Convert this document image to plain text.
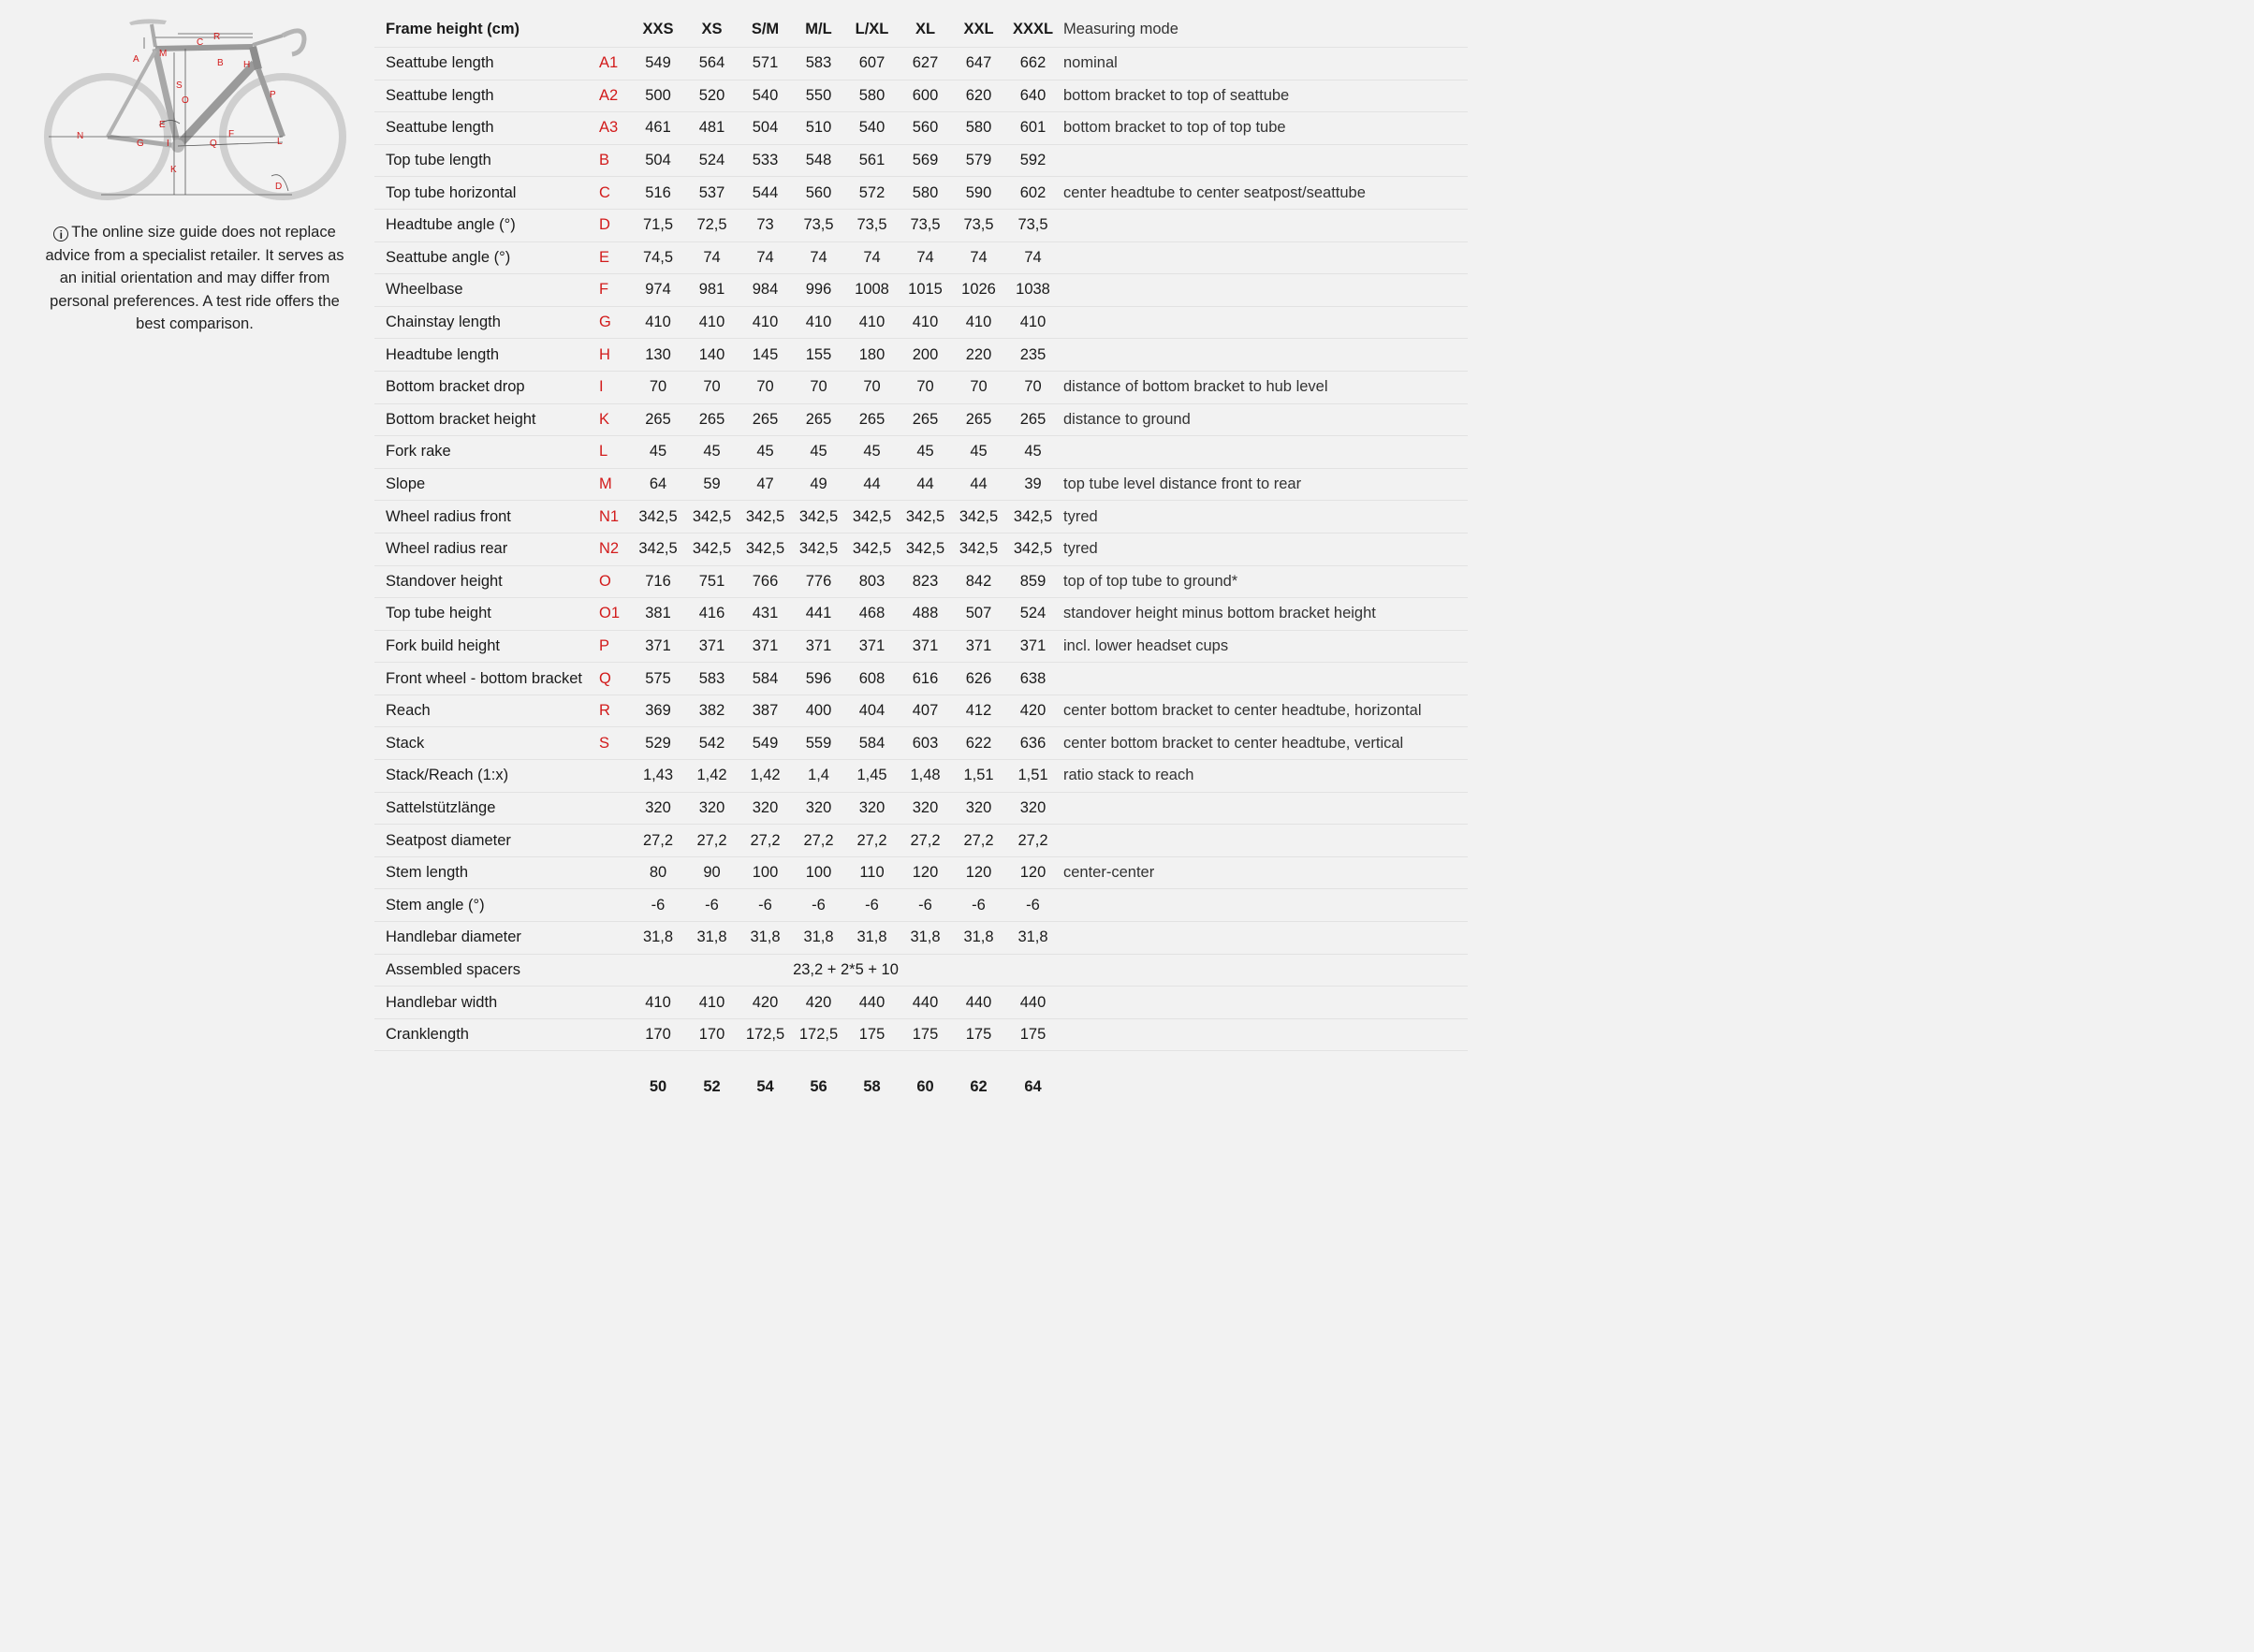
A
M
C
R
B H
S
O
P
N
G
E
I
F
Q	L
K
D
i The online size guide does not replace advice from a specialist retailer. It serves as an initial orientation and may differ from personal preferences. A test ride offers the best comparison.
Frame height (cm)		XXS	XS	S/M	M/L	L/XL	XL	XXL	XXXL	Measuring mode
Seattube length	A1	549	564	571	583	607	627	647	662	nominal
Seattube length	A2	500	520	540	550	580	600	620	640	bottom bracket to top of seattube
Seattube length	A3	461	481	504	510	540	560	580	601	bottom bracket to top of top tube
Top tube length	B	504	524	533	548	561	569	579	592	
Top tube horizontal	C	516	537	544	560	572	580	590	602	center headtube to center seatpost/seattube
Headtube angle (°)	D	71,5	72,5	73	73,5	73,5	73,5	73,5	73,5	
Seattube angle (°)	E	74,5	74	74	74	74	74	74	74	
Wheelbase	F	974	981	984	996	1008	1015	1026	1038	
Chainstay length	G	410	410	410	410	410	410	410	410	
Headtube length	H	130	140	145	155	180	200	220	235	
Bottom bracket drop	I	70	70	70	70	70	70	70	70	distance of bottom bracket to hub level
Bottom bracket height	K	265	265	265	265	265	265	265	265	distance to ground
Fork rake	L	45	45	45	45	45	45	45	45	
Slope	M	64	59	47	49	44	44	44	39	top tube level distance front to rear
Wheel radius front	N1	342,5	342,5	342,5	342,5	342,5	342,5	342,5	342,5	tyred
Wheel radius rear	N2	342,5	342,5	342,5	342,5	342,5	342,5	342,5	342,5	tyred
Standover height	O	716	751	766	776	803	823	842	859	top of top tube to ground*
Top tube height	O1	381	416	431	441	468	488	507	524	standover height minus bottom bracket height
Fork build height	P	371	371	371	371	371	371	371	371	incl. lower headset cups
Front wheel - bottom bracket	Q	575	583	584	596	608	616	626	638	
Reach	R	369	382	387	400	404	407	412	420	center bottom bracket to center headtube, horizontal
Stack	S	529	542	549	559	584	603	622	636	center bottom bracket to center headtube, vertical
Stack/Reach (1:x)		1,43	1,42	1,42	1,4	1,45	1,48	1,51	1,51	ratio stack to reach
Sattelstützlänge		320	320	320	320	320	320	320	320	
Seatpost diameter		27,2	27,2	27,2	27,2	27,2	27,2	27,2	27,2	
Stem length		80	90	100	100	110	120	120	120	center-center
Stem angle (°)		-6	-6	-6	-6	-6	-6	-6	-6	
Handlebar diameter		31,8	31,8	31,8	31,8	31,8	31,8	31,8	31,8	
Assembled spacers		23,2 + 2*5 + 10								
Handlebar width		410	410	420	420	440	440	440	440	
Cranklength		170	170	172,5	172,5	175	175	175	175	
		50	52	54	56	58	60	62	64	
